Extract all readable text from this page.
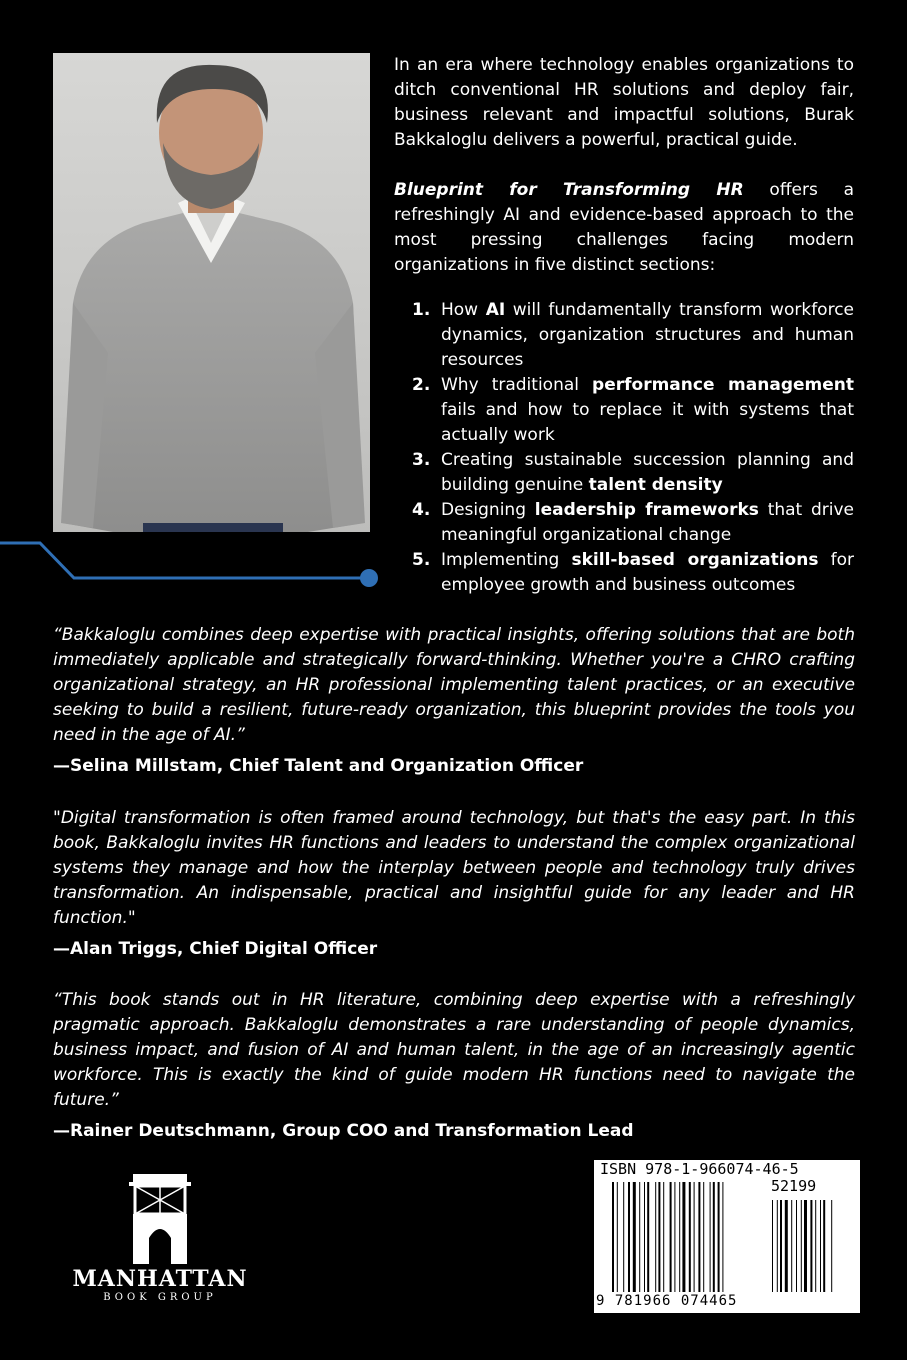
In an era where technology enables organizations to ditch conventional HR solutions and deploy fair, business relevant and impactful solutions, Burak Bakkaloglu delivers a powerful, practical guide.

Blueprint for Transforming HR offers a refreshingly AI and evidence-based approach to the most pressing challenges facing modern organizations in five distinct sections:

1. How AI will fundamentally transform workforce dynamics, organization structures and human resources
2. Why traditional performance management fails and how to replace it with systems that actually work
3. Creating sustainable succession planning and building genuine talent density
4. Designing leadership frameworks that drive meaningful organizational change
5. Implementing skill-based organizations for employee growth and business outcomes

“Bakkaloglu combines deep expertise with practical insights, offering solutions that are both immediately applicable and strategically forward-thinking. Whether you're a CHRO crafting organizational strategy, an HR professional implementing talent practices, or an executive seeking to build a resilient, future-ready organization, this blueprint provides the tools you need in the age of AI.”

—Selina Millstam, Chief Talent and Organization Officer

"Digital transformation is often framed around technology, but that's the easy part. In this book, Bakkaloglu invites HR functions and leaders to understand the complex organizational systems they manage and how the interplay between people and technology truly drives transformation. An indispensable, practical and insightful guide for any leader and HR function."

—Alan Triggs, Chief Digital Officer

“This book stands out in HR literature, combining deep expertise with a refreshingly pragmatic approach. Bakkaloglu demonstrates a rare understanding of people dynamics, business impact, and fusion of AI and human talent, in the age of an increasingly agentic workforce. This is exactly the kind of guide modern HR functions need to navigate the future.”

—Rainer Deutschmann, Group COO and Transformation Lead

MANHATTAN
BOOK GROUP
ISBN 978-1-966074-46-5
52199
9 781966 074465
